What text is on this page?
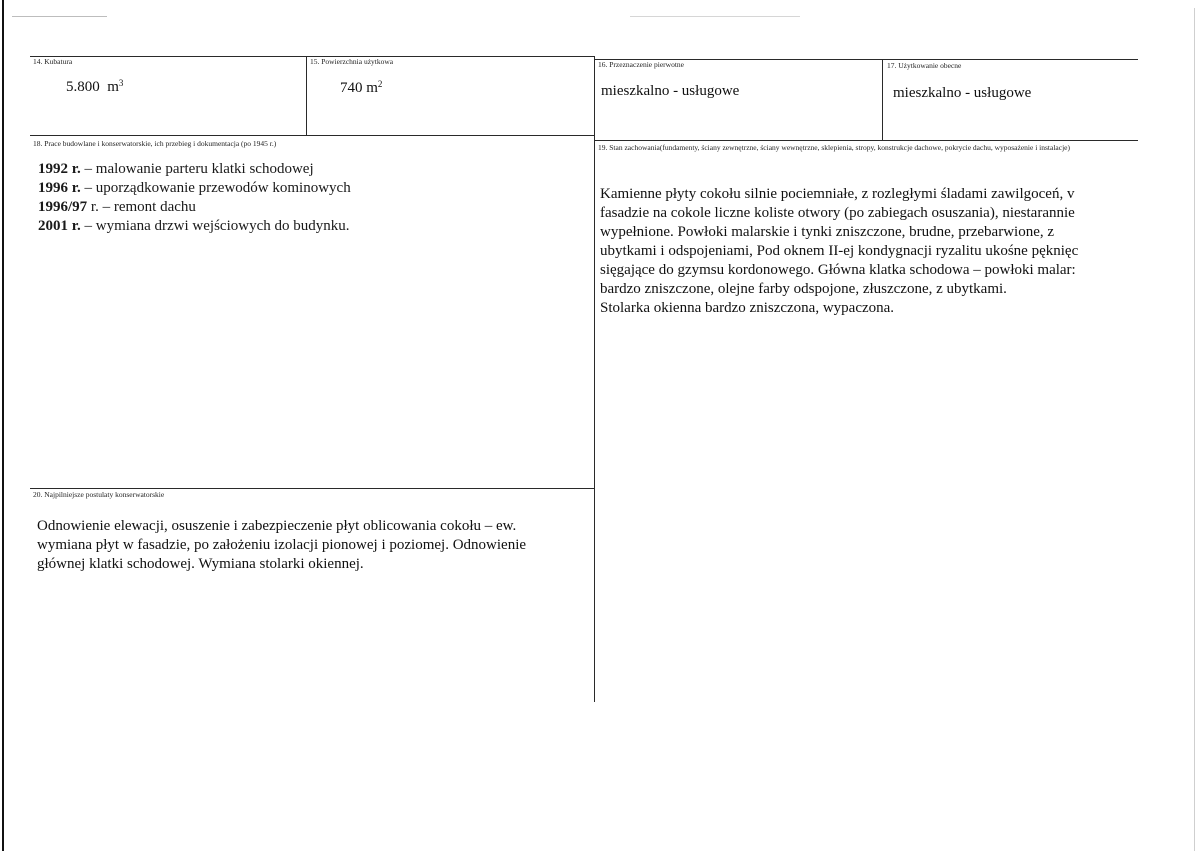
14. Kubatura
5.800 $m^3$
15. Powierzchnia użytkowa
740 $m^2$
16. Przeznaczenie pierwotne
mieszkalno - usługowe
17. Użytkowanie obecne
mieszkalno - usługowe
18. Prace budowlane i konserwatorskie, ich przebieg i dokumentacja (po 1945 r.)
1992 r. – malowanie parteru klatki schodowej
1996 r. – uporządkowanie przewodów kominowych
1996/97 r. – remont dachu
2001 r. – wymiana drzwi wejściowych do budynku.
19. Stan zachowania(fundamenty, ściany zewnętrzne, ściany wewnętrzne, sklepienia, stropy, konstrukcje dachowe, pokrycie dachu, wyposażenie i instalacje)

Kamienne płyty cokołu silnie pociemniałe, z rozległymi śladami zawilgoceń, v

fasadzie na cokole liczne koliste otwory (po zabiegach osuszania), niestarannie

wypełnione. Powłoki malarskie i tynki zniszczone, brudne, przebarwione, z

ubytkami i odspojeniami, Pod oknem II-ej kondygnacji ryzalitu ukośne pęknięc

sięgające do gzymsu kordonowego. Główna klatka schodowa – powłoki malar:

bardzo zniszczone, olejne farby odspojone, złuszczone, z ubytkami.

Stolarka okienna bardzo zniszczona, wypaczona.

20. Najpilniejsze postulaty konserwatorskie

Odnowienie elewacji, osuszenie i zabezpieczenie płyt oblicowania cokołu – ew.

wymiana płyt w fasadzie, po założeniu izolacji pionowej i poziomej. Odnowienie

głównej klatki schodowej. Wymiana stolarki okiennej.
